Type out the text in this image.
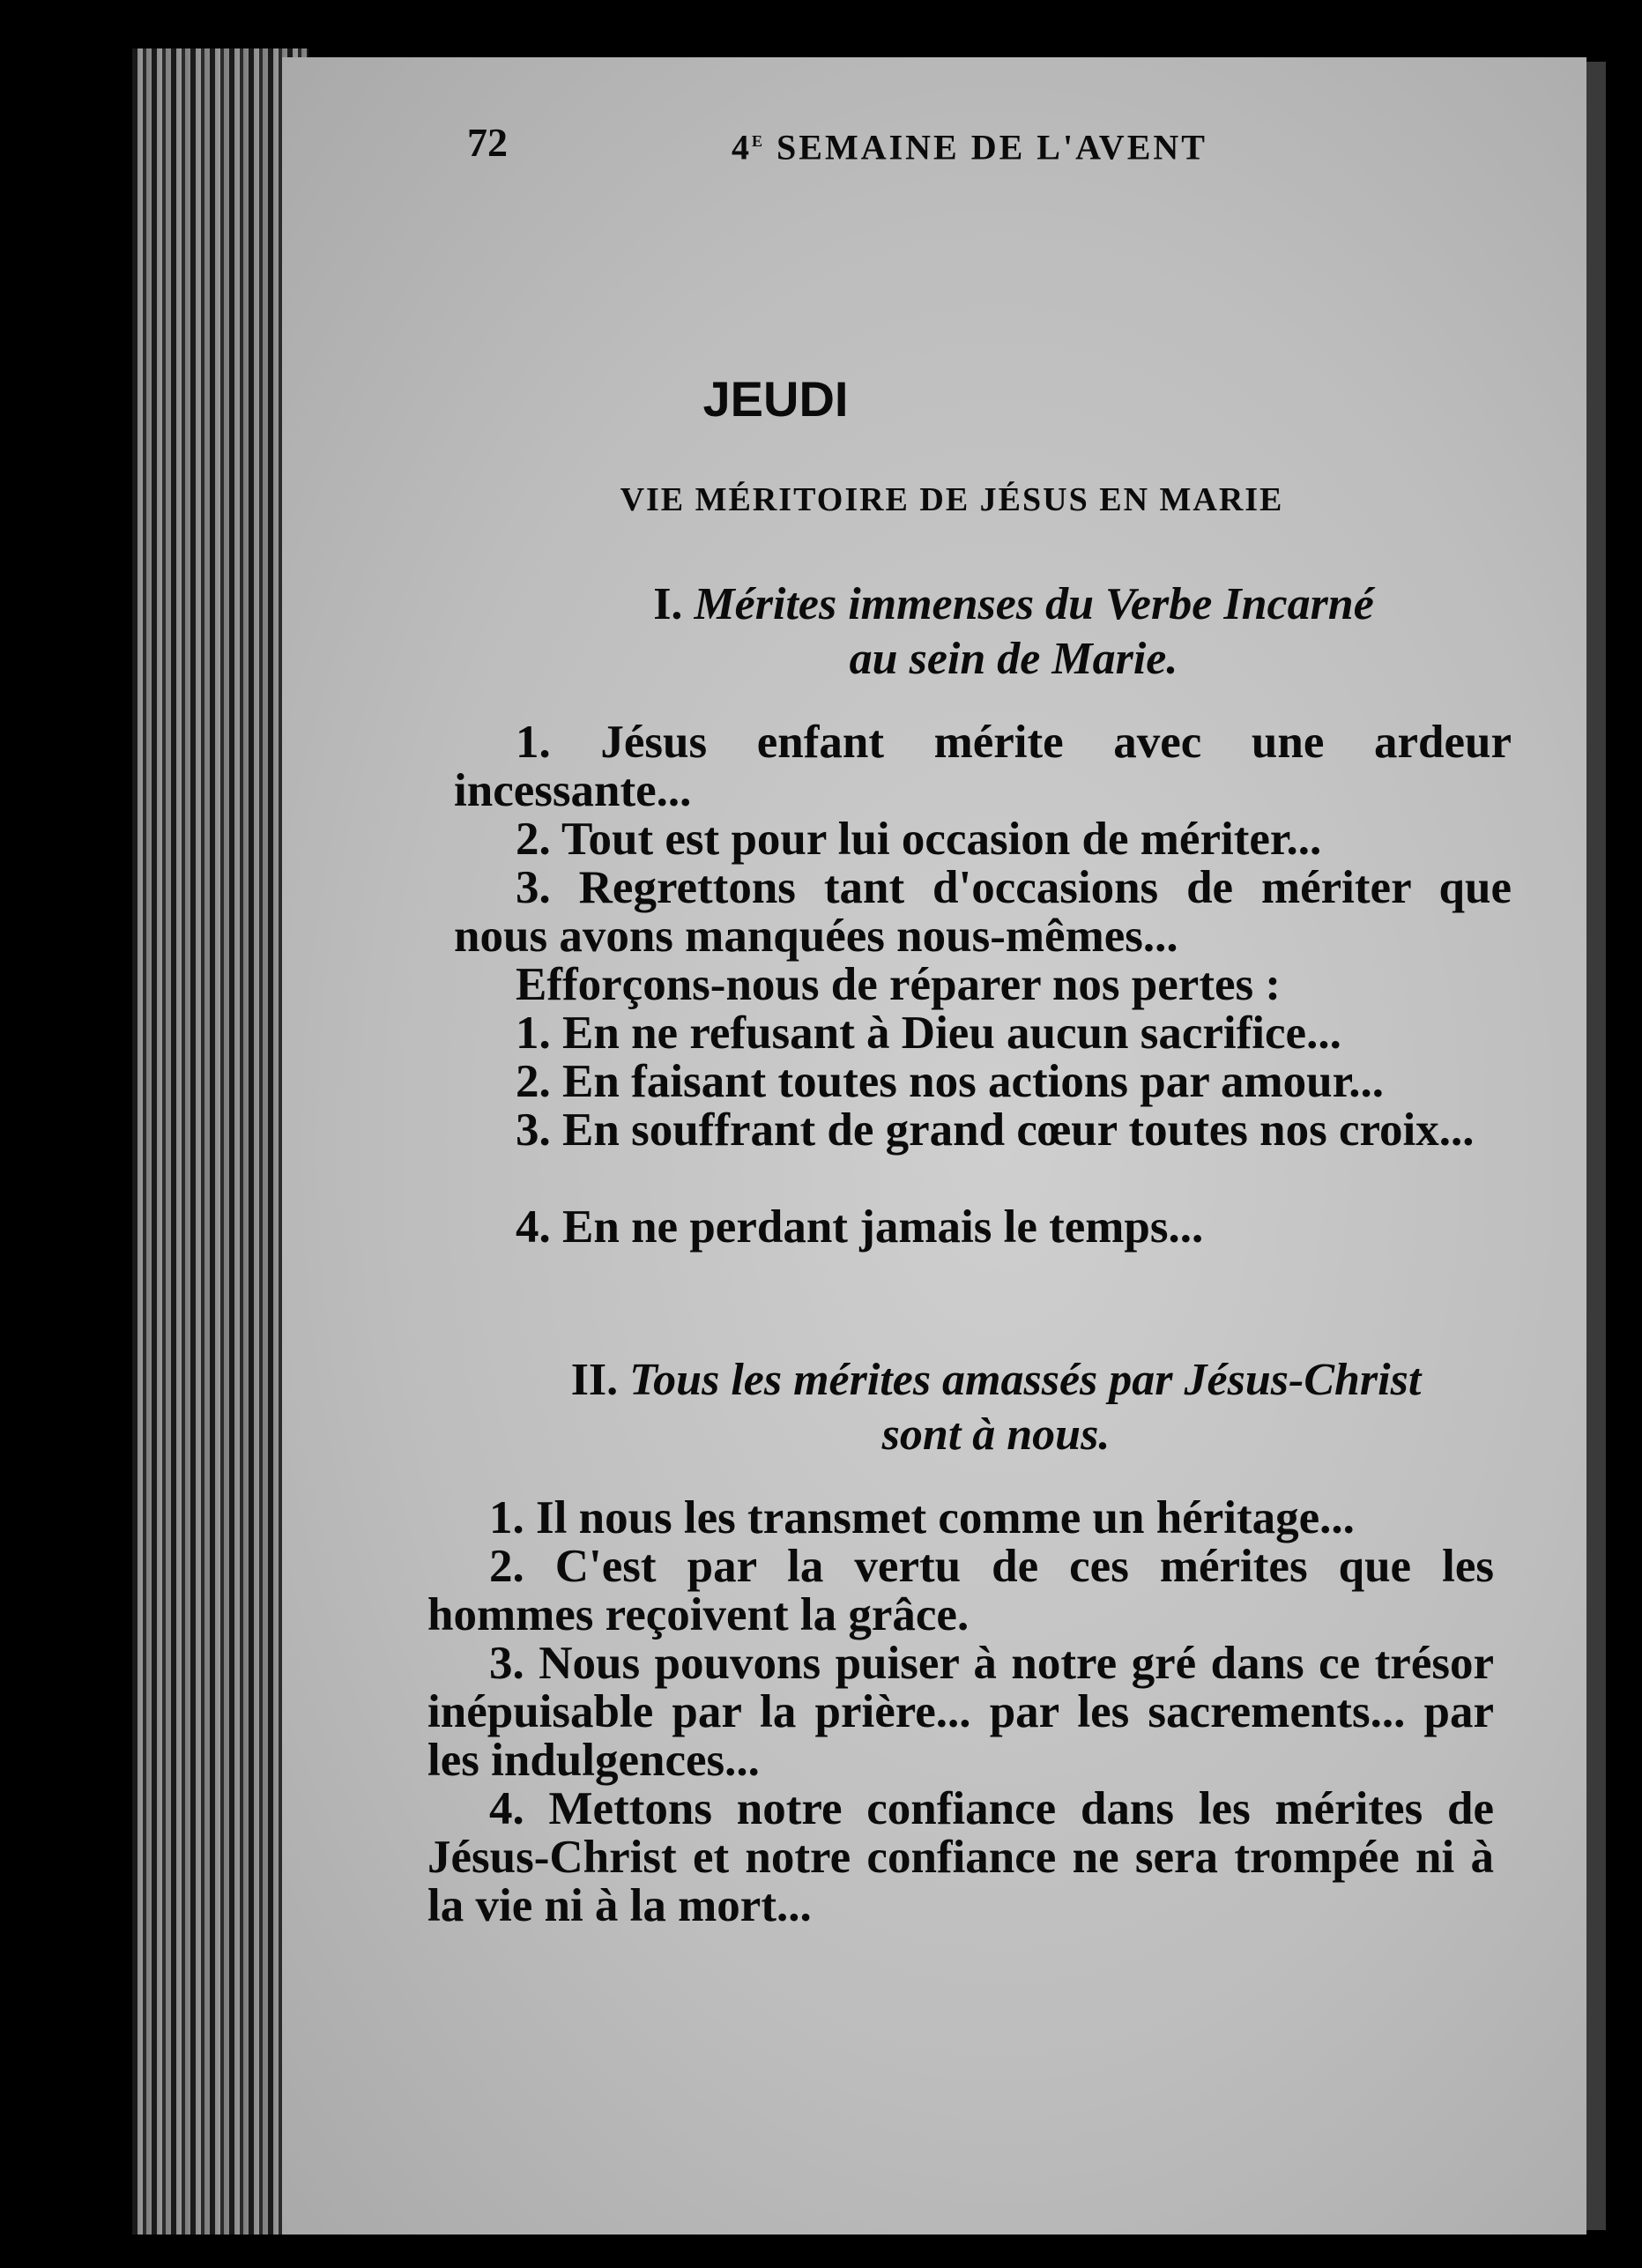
72	4e SEMAINE DE L'AVENT
JEUDI
VIE MÉRITOIRE DE JÉSUS EN MARIE
I. Mérites immenses du Verbe Incarné
au sein de Marie.
1. Jésus enfant mérite avec une ardeur incessante...
2. Tout est pour lui occasion de mériter...
3. Regrettons tant d'occasions de mériter que nous avons manquées nous-mêmes...
Efforçons-nous de réparer nos pertes :
1. En ne refusant à Dieu aucun sacrifice...
2. En faisant toutes nos actions par amour...
3. En souffrant de grand cœur toutes nos croix...
4. En ne perdant jamais le temps...
II. Tous les mérites amassés par Jésus-Christ
sont à nous.
1. Il nous les transmet comme un héritage...
2. C'est par la vertu de ces mérites que les hommes reçoivent la grâce.
3. Nous pouvons puiser à notre gré dans ce trésor inépuisable par la prière... par les sacrements... par les indulgences...
4. Mettons notre confiance dans les mérites de Jésus-Christ et notre confiance ne sera trompée ni à la vie ni à la mort...
